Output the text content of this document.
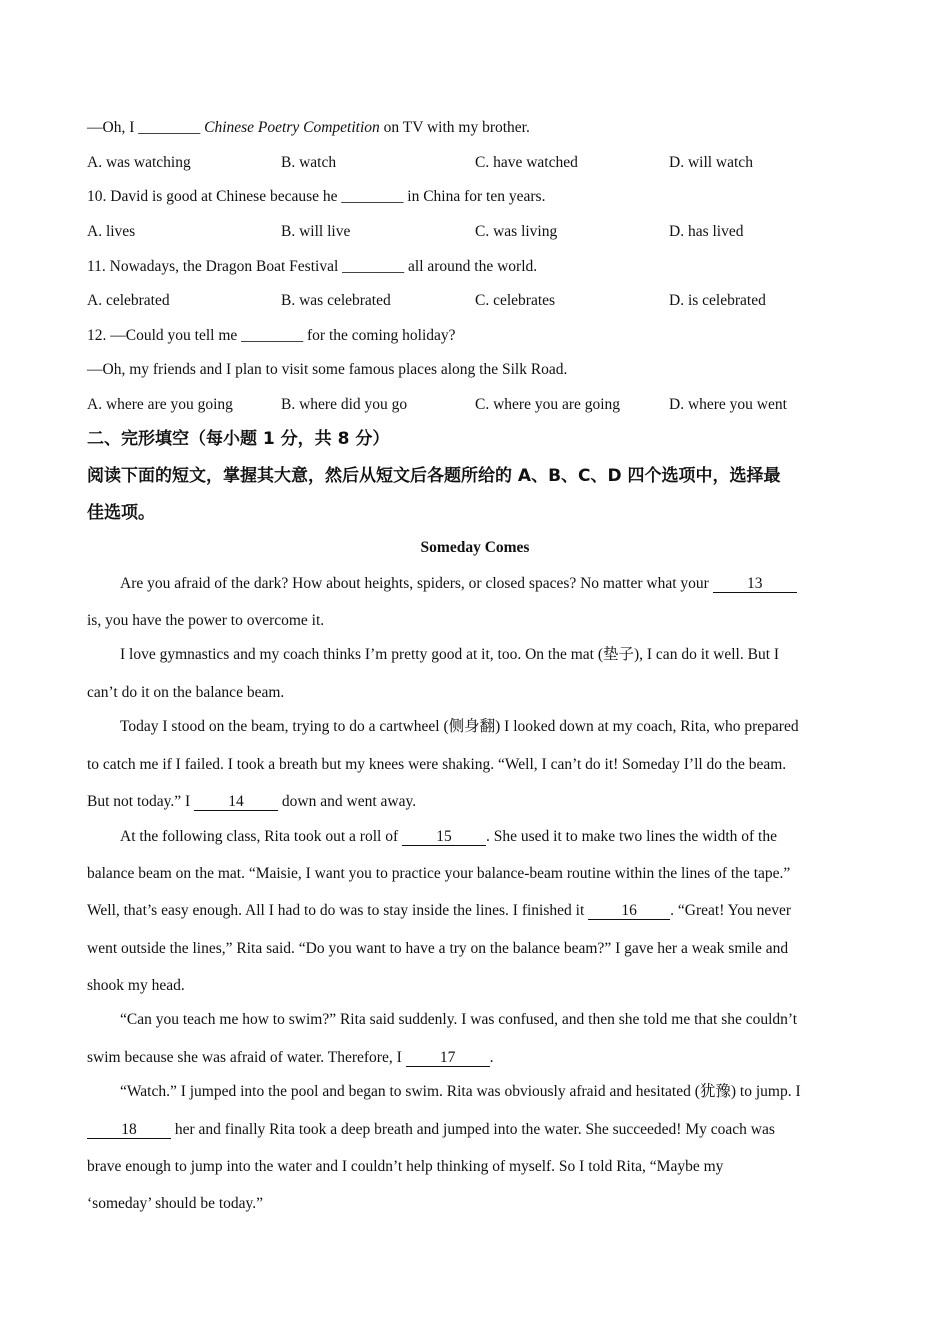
—Oh, I ________ Chinese Poetry Competition on TV with my brother.
A. was watching	B. watch	C. have watched	D. will watch
10. David is good at Chinese because he ________ in China for ten years.
A. lives	B. will live	C. was living	D. has lived
11. Nowadays, the Dragon Boat Festival ________ all around the world.
A. celebrated	B. was celebrated	C. celebrates	D. is celebrated
12. —Could you tell me ________ for the coming holiday?
—Oh, my friends and I plan to visit some famous places along the Silk Road.
A. where are you going	B. where did you go	C. where you are going	D. where you went
二、完形填空（每小题 1 分，共 8 分）
阅读下面的短文，掌握其大意，然后从短文后各题所给的 A、B、C、D 四个选项中，选择最
佳选项。
Someday Comes
Are you afraid of the dark? How about heights, spiders, or closed spaces? No matter what your 13
is, you have the power to overcome it.
I love gymnastics and my coach thinks I’m pretty good at it, too. On the mat (垫子), I can do it well. But I
can’t do it on the balance beam.
Today I stood on the beam, trying to do a cartwheel (侧身翻) I looked down at my coach, Rita, who prepared
to catch me if I failed. I took a breath but my knees were shaking. “Well, I can’t do it! Someday I’ll do the beam.
But not today.” I 14 down and went away.
At the following class, Rita took out a roll of 15 . She used it to make two lines the width of the
balance beam on the mat. “Maisie, I want you to practice your balance-beam routine within the lines of the tape.”
Well, that’s easy enough. All I had to do was to stay inside the lines. I finished it 16 . “Great! You never
went outside the lines,” Rita said. “Do you want to have a try on the balance beam?” I gave her a weak smile and
shook my head.
“Can you teach me how to swim?” Rita said suddenly. I was confused, and then she told me that she couldn’t
swim because she was afraid of water. Therefore, I 17 .
“Watch.” I jumped into the pool and began to swim. Rita was obviously afraid and hesitated (犹豫) to jump. I
18 her and finally Rita took a deep breath and jumped into the water. She succeeded! My coach was
brave enough to jump into the water and I couldn’t help thinking of myself. So I told Rita, “Maybe my
‘someday’ should be today.”
